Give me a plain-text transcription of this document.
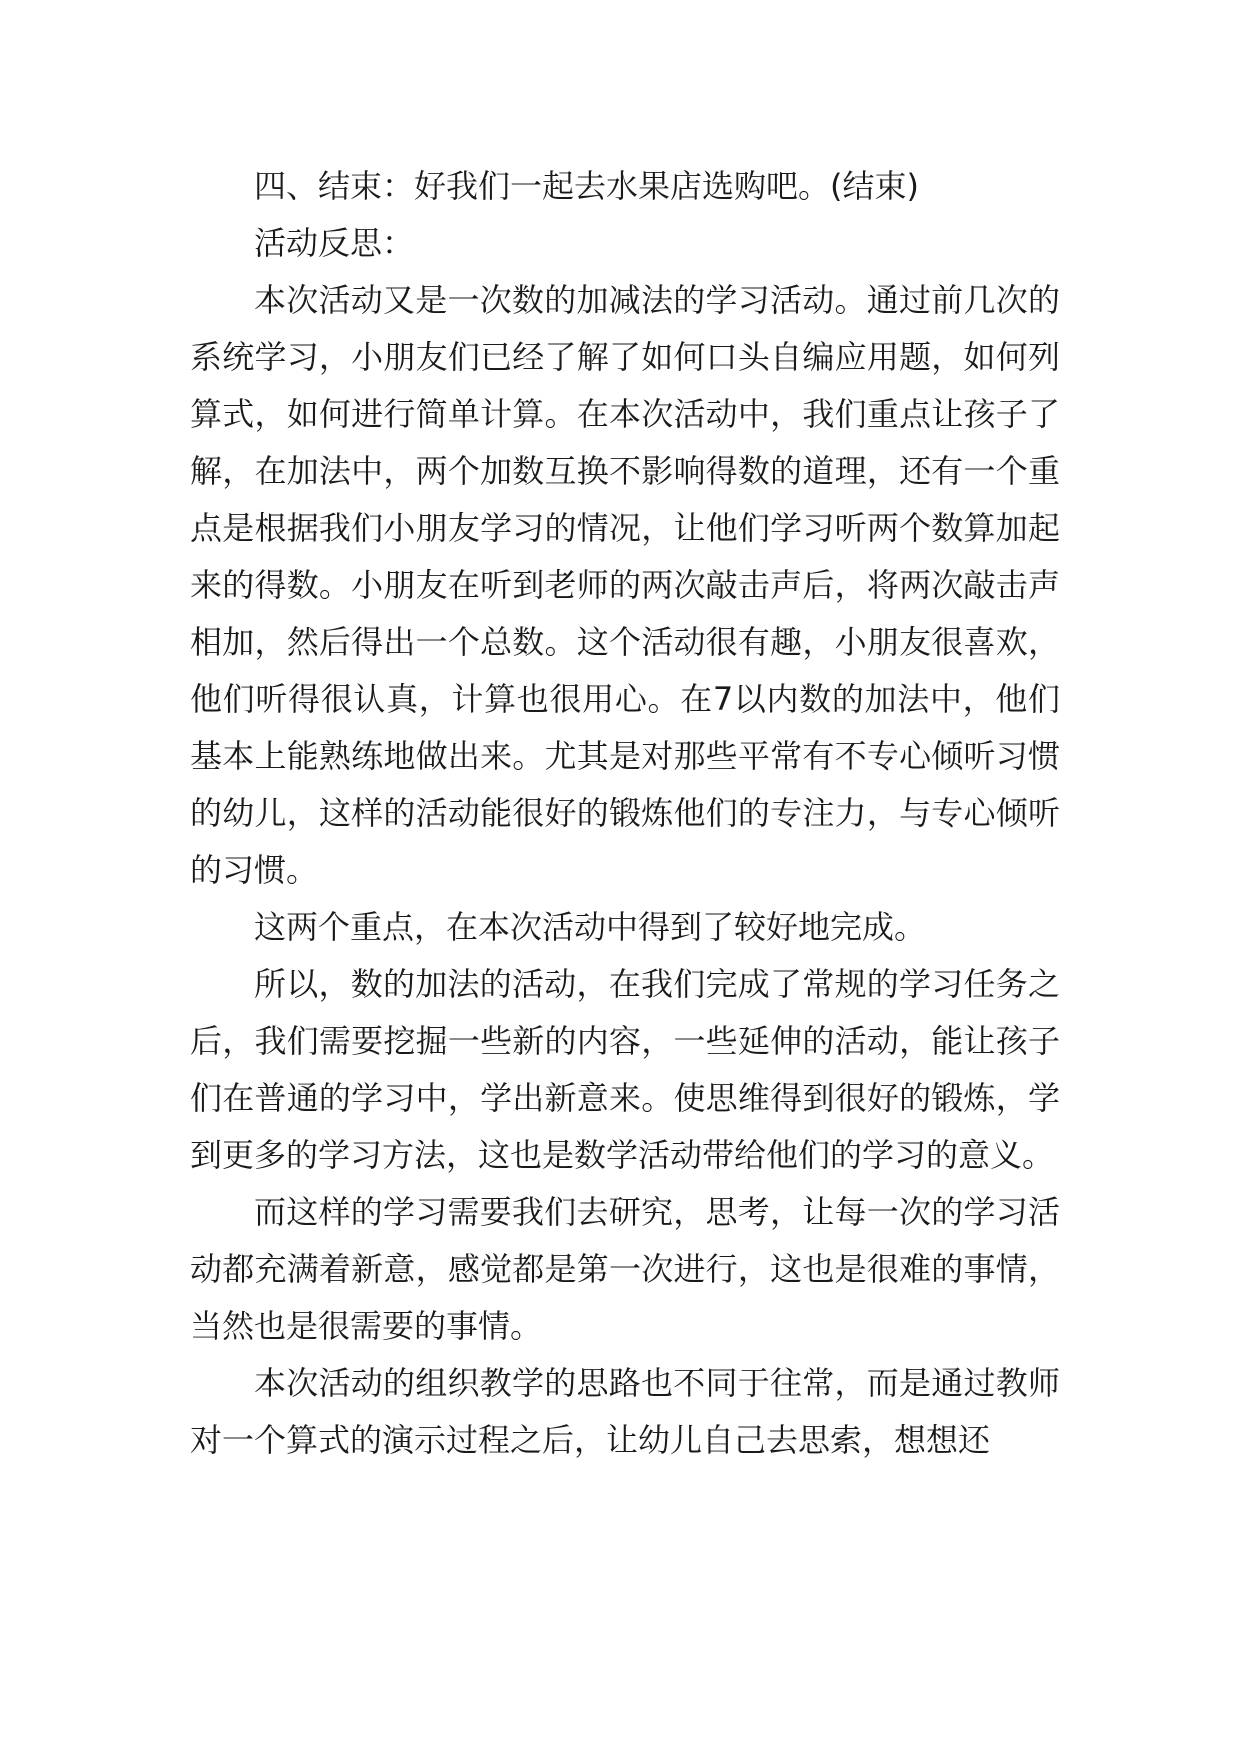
四、结束：好我们一起去水果店选购吧。(结束)

活动反思：

本次活动又是一次数的加减法的学习活动。通过前几次的系统学习，小朋友们已经了解了如何口头自编应用题，如何列算式，如何进行简单计算。在本次活动中，我们重点让孩子了解，在加法中，两个加数互换不影响得数的道理，还有一个重点是根据我们小朋友学习的情况，让他们学习听两个数算加起来的得数。小朋友在听到老师的两次敲击声后，将两次敲击声相加，然后得出一个总数。这个活动很有趣，小朋友很喜欢，他们听得很认真，计算也很用心。在7以内数的加法中，他们基本上能熟练地做出来。尤其是对那些平常有不专心倾听习惯的幼儿，这样的活动能很好的锻炼他们的专注力，与专心倾听的习惯。

这两个重点，在本次活动中得到了较好地完成。

所以，数的加法的活动，在我们完成了常规的学习任务之后，我们需要挖掘一些新的内容，一些延伸的活动，能让孩子们在普通的学习中，学出新意来。使思维得到很好的锻炼，学到更多的学习方法，这也是数学活动带给他们的学习的意义。

而这样的学习需要我们去研究，思考，让每一次的学习活动都充满着新意，感觉都是第一次进行，这也是很难的事情，当然也是很需要的事情。

本次活动的组织教学的思路也不同于往常，而是通过教师对一个算式的演示过程之后，让幼儿自己去思索，想想还
